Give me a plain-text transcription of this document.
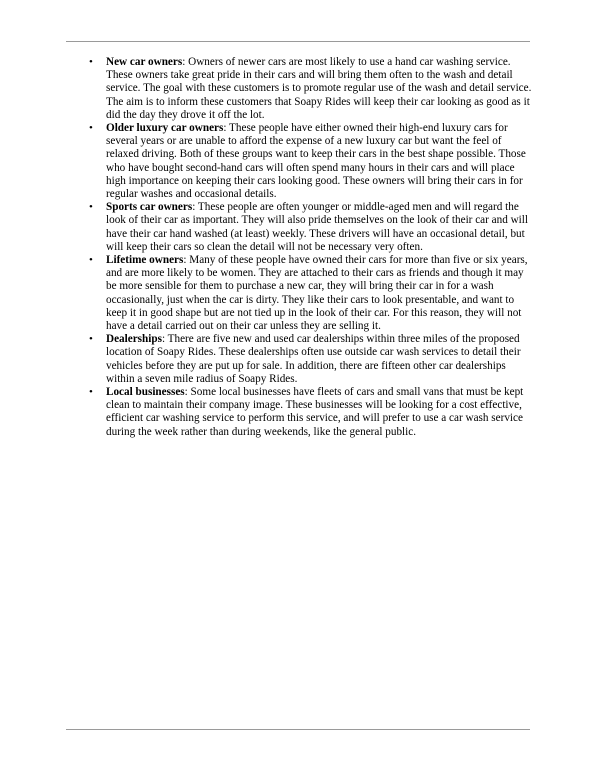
• New car owners: Owners of newer cars are most likely to use a hand car washing service. These owners take great pride in their cars and will bring them often to the wash and detail service. The goal with these customers is to promote regular use of the wash and detail service. The aim is to inform these customers that Soapy Rides will keep their car looking as good as it did the day they drove it off the lot.
• Older luxury car owners: These people have either owned their high-end luxury cars for several years or are unable to afford the expense of a new luxury car but want the feel of relaxed driving. Both of these groups want to keep their cars in the best shape possible. Those who have bought second-hand cars will often spend many hours in their cars and will place high importance on keeping their cars looking good. These owners will bring their cars in for regular washes and occasional details.
• Sports car owners: These people are often younger or middle-aged men and will regard the look of their car as important. They will also pride themselves on the look of their car and will have their car hand washed (at least) weekly. These drivers will have an occasional detail, but will keep their cars so clean the detail will not be necessary very often.
• Lifetime owners: Many of these people have owned their cars for more than five or six years, and are more likely to be women. They are attached to their cars as friends and though it may be more sensible for them to purchase a new car, they will bring their car in for a wash occasionally, just when the car is dirty. They like their cars to look presentable, and want to keep it in good shape but are not tied up in the look of their car. For this reason, they will not have a detail carried out on their car unless they are selling it.
• Dealerships: There are five new and used car dealerships within three miles of the proposed location of Soapy Rides. These dealerships often use outside car wash services to detail their vehicles before they are put up for sale. In addition, there are fifteen other car dealerships within a seven mile radius of Soapy Rides.
• Local businesses: Some local businesses have fleets of cars and small vans that must be kept clean to maintain their company image. These businesses will be looking for a cost effective, efficient car washing service to perform this service, and will prefer to use a car wash service during the week rather than during weekends, like the general public.
